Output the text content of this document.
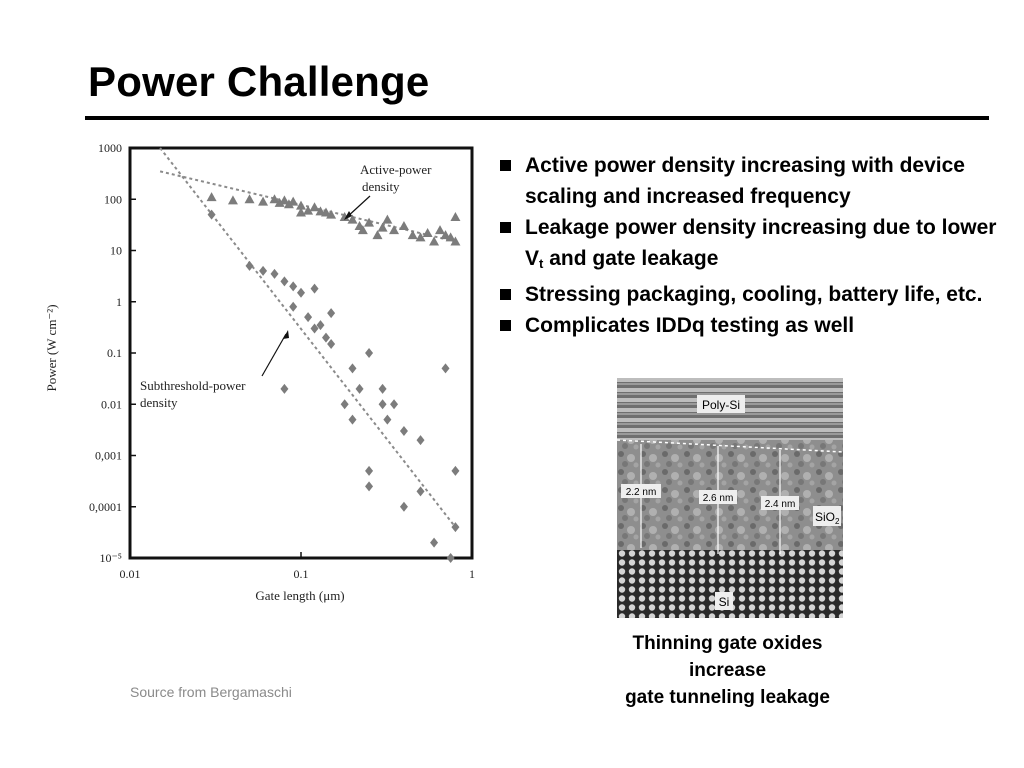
Power Challenge
0.01	0.1	1
1000
100
10
1
0.1
0.01
0,001
0,0001
10⁻⁵
Gate length (μm)
Power (W cm⁻²)
Active-power density
Subthreshold-power density
Active power density increasing with device scaling and increased frequency
Leakage power density increasing due to lower $V_t$ and gate leakage
Stressing packaging, cooling, battery life, etc.
Complicates IDDq testing as well
Poly-Si
SiO$_2$
Si
2.2 nm
2.6 nm
2.4 nm
Thinning gate oxides
increase
gate tunneling leakage
Source from Bergamaschi
